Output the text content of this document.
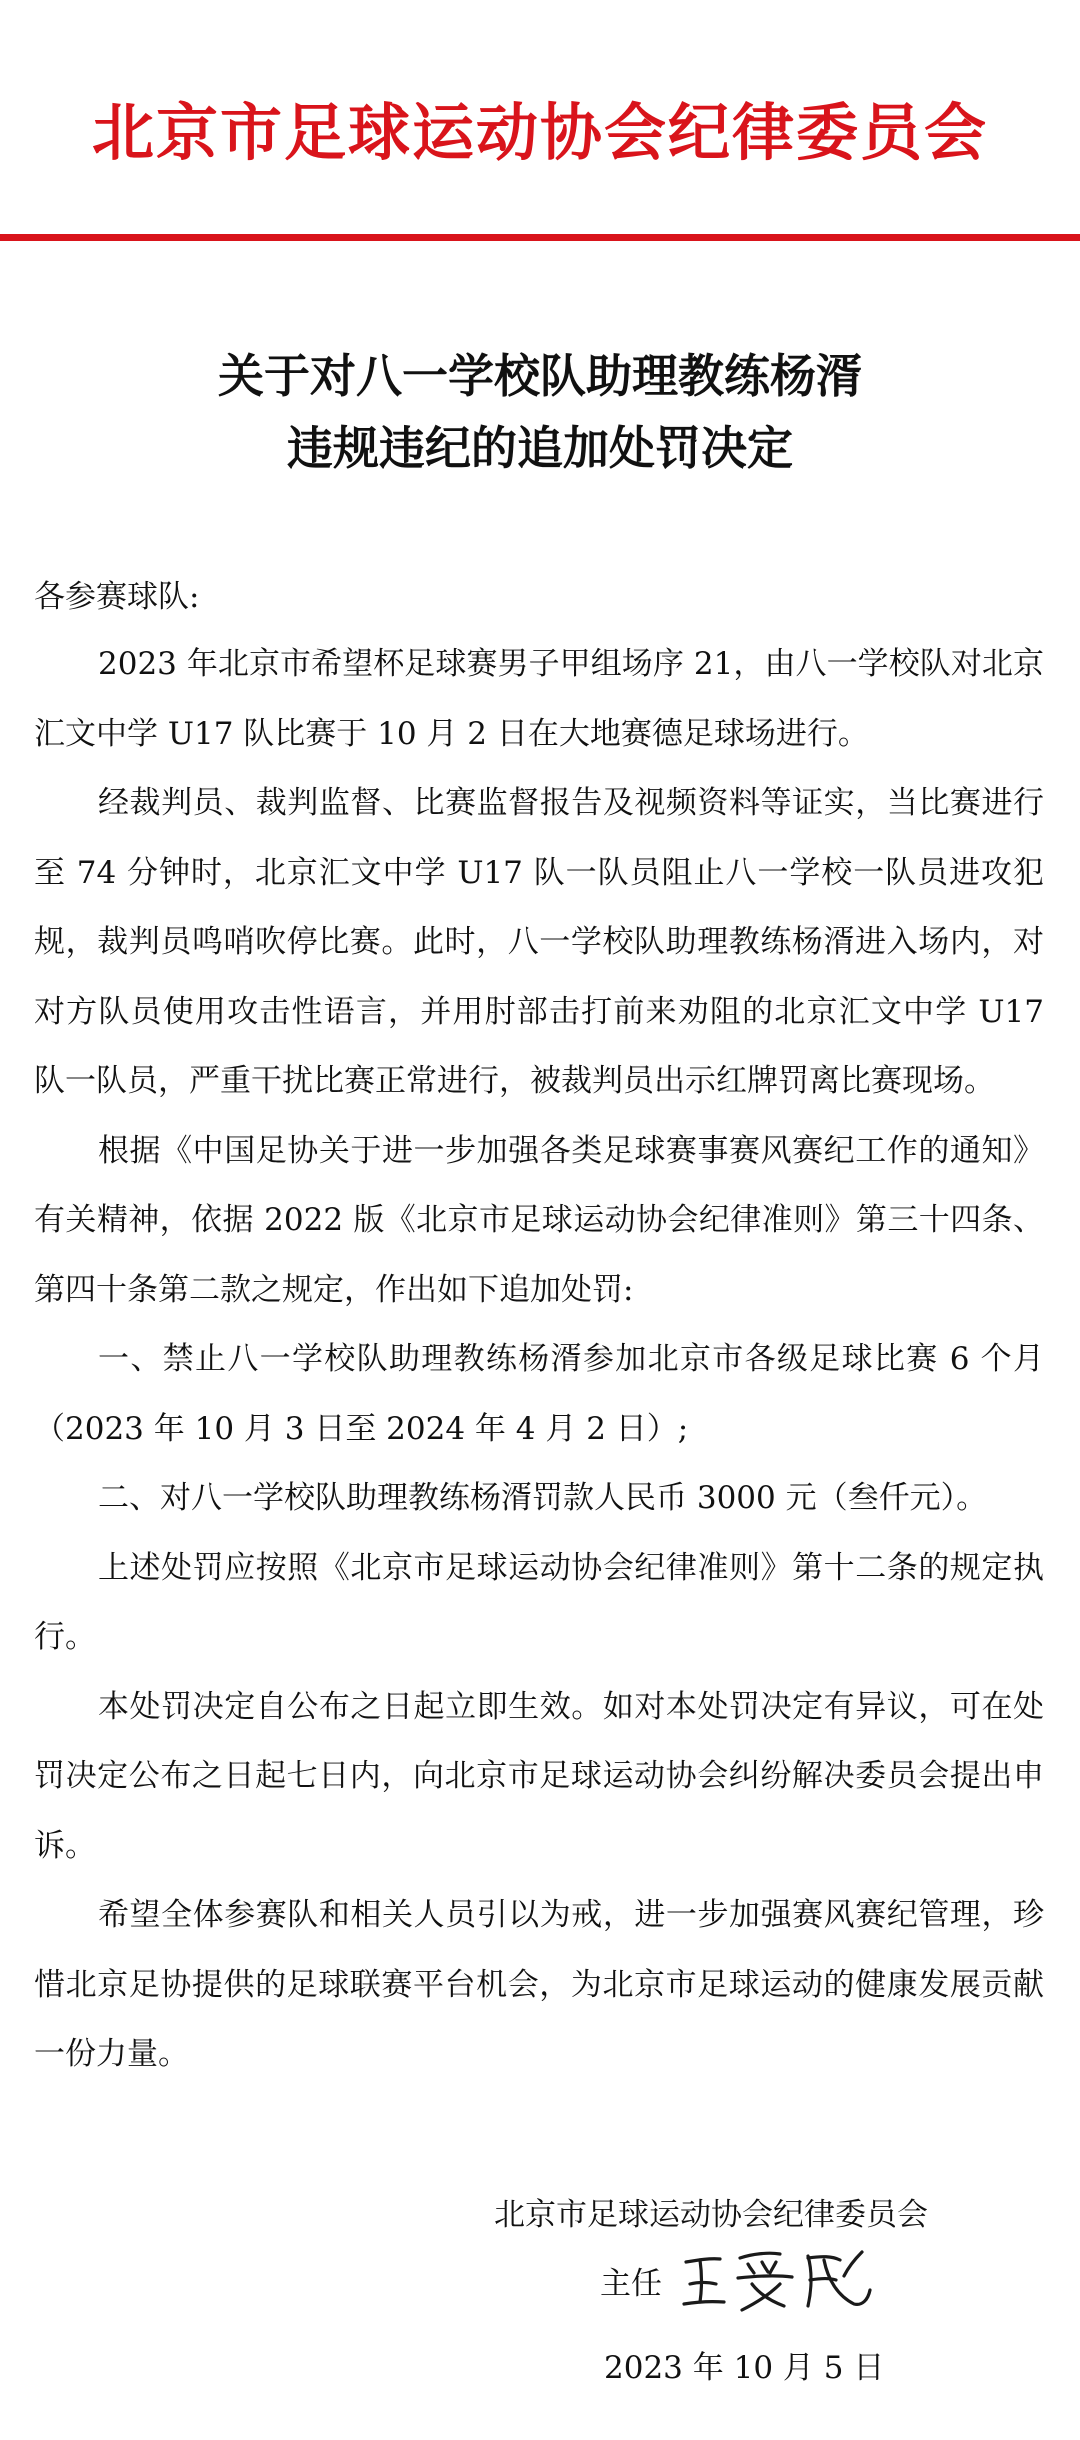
北京市足球运动协会纪律委员会
关于对八一学校队助理教练杨湑
违规违纪的追加处罚决定
各参赛球队:

2023 年北京市希望杯足球赛男子甲组场序 21，由八一学校队对北京汇文中学 U17 队比赛于 10 月 2 日在大地赛德足球场进行。

经裁判员、裁判监督、比赛监督报告及视频资料等证实，当比赛进行至 74 分钟时，北京汇文中学 U17 队一队员阻止八一学校一队员进攻犯规，裁判员鸣哨吹停比赛。此时，八一学校队助理教练杨湑进入场内，对对方队员使用攻击性语言，并用肘部击打前来劝阻的北京汇文中学 U17 队一队员，严重干扰比赛正常进行，被裁判员出示红牌罚离比赛现场。

根据《中国足协关于进一步加强各类足球赛事赛风赛纪工作的通知》有关精神，依据 2022 版《北京市足球运动协会纪律准则》第三十四条、第四十条第二款之规定，作出如下追加处罚:

一、禁止八一学校队助理教练杨湑参加北京市各级足球比赛 6 个月（2023 年 10 月 3 日至 2024 年 4 月 2 日）;

二、对八一学校队助理教练杨湑罚款人民币 3000 元（叁仟元）。

上述处罚应按照《北京市足球运动协会纪律准则》第十二条的规定执行。

本处罚决定自公布之日起立即生效。如对本处罚决定有异议，可在处罚决定公布之日起七日内，向北京市足球运动协会纠纷解决委员会提出申诉。

希望全体参赛队和相关人员引以为戒，进一步加强赛风赛纪管理，珍惜北京足协提供的足球联赛平台机会，为北京市足球运动的健康发展贡献一份力量。

北京市足球运动协会纪律委员会
主任
2023 年 10 月 5 日
